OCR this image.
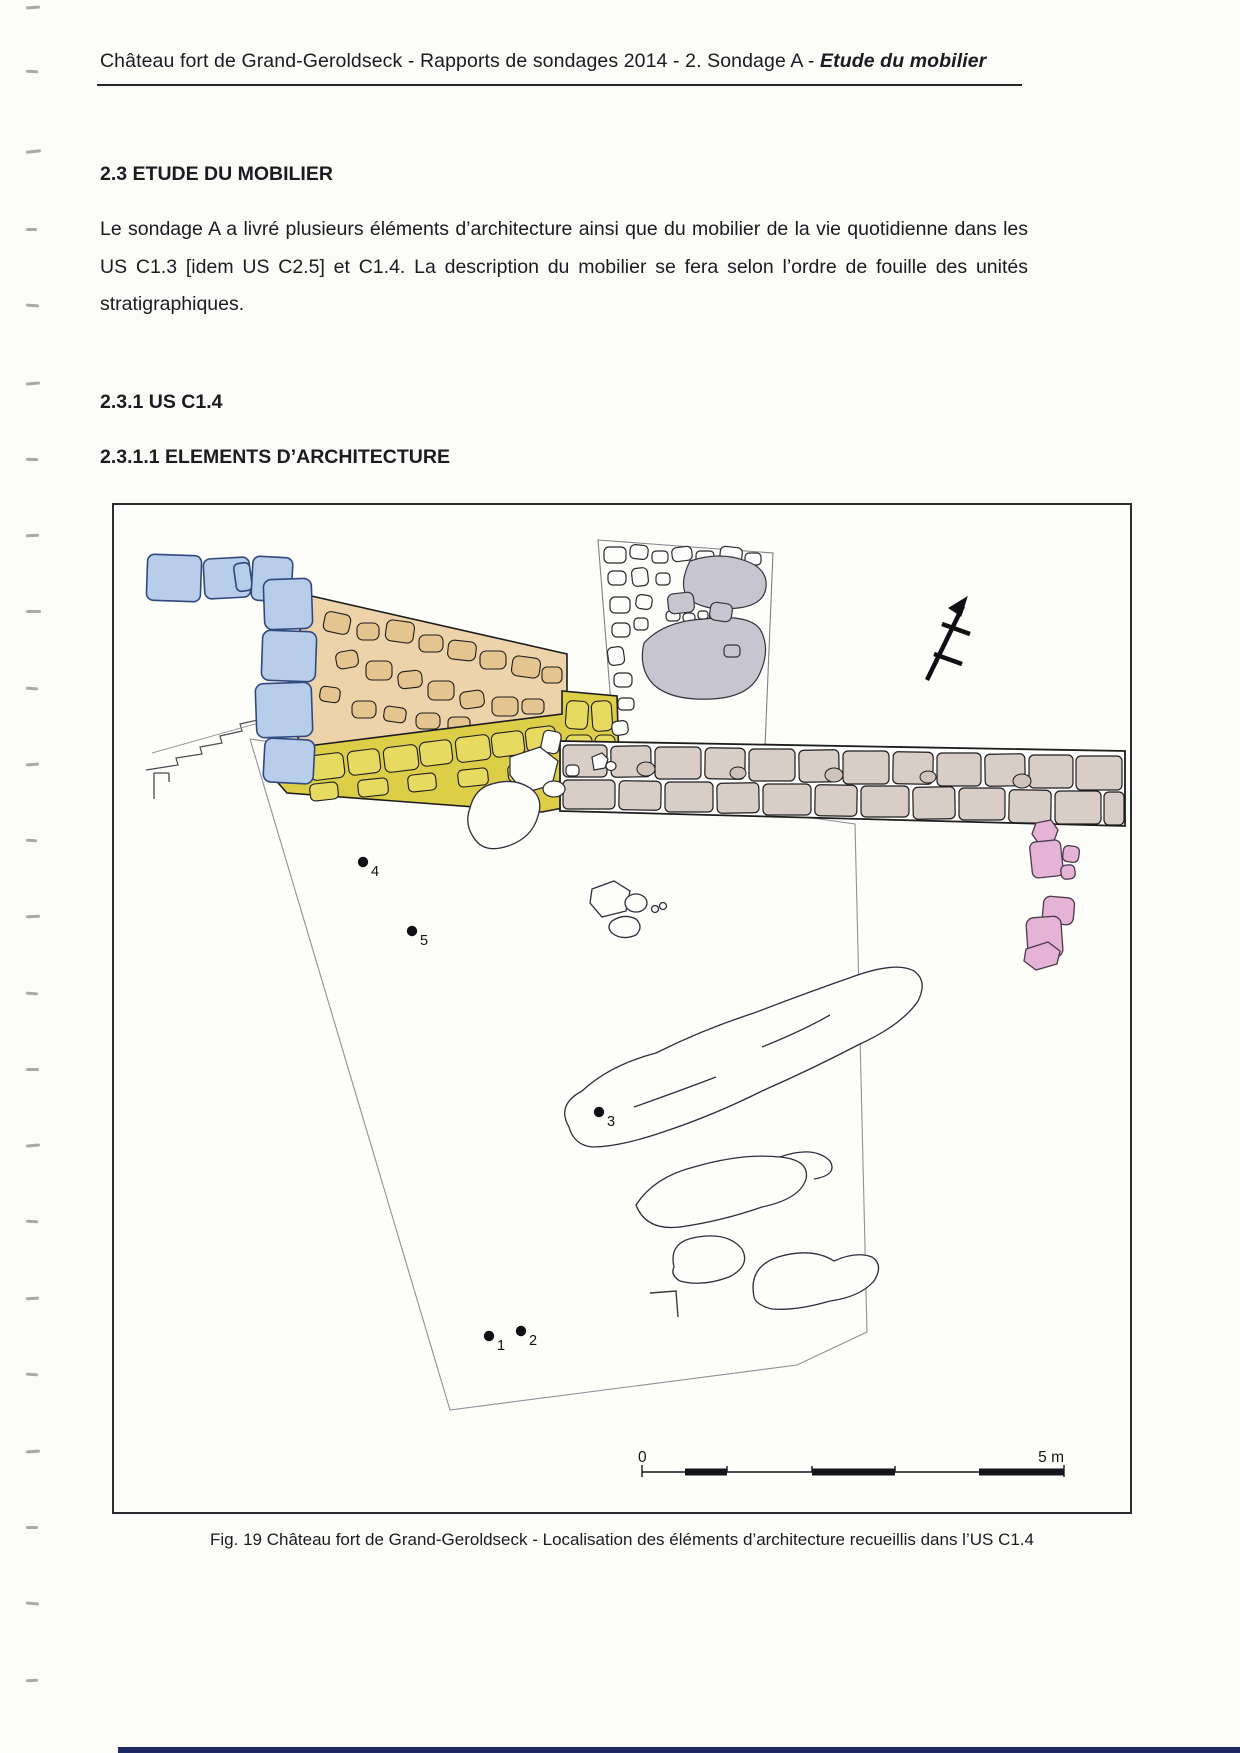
Château fort de Grand-Geroldseck - Rapports de sondages 2014 - 2. Sondage A - Etude du mobilier
2.3 ETUDE DU MOBILIER
Le sondage A a livré plusieurs éléments d’architecture ainsi que du mobilier de la vie quotidienne dans les US C1.3 [idem US C2.5] et C1.4. La description du mobilier se fera selon l’ordre de fouille des unités stratigraphiques.
2.3.1 US C1.4
2.3.1.1 ELEMENTS D’ARCHITECTURE
1 2
3
4
5
0	5 m
Fig. 19 Château fort de Grand-Geroldseck - Localisation des éléments d’architecture recueillis dans l’US C1.4
